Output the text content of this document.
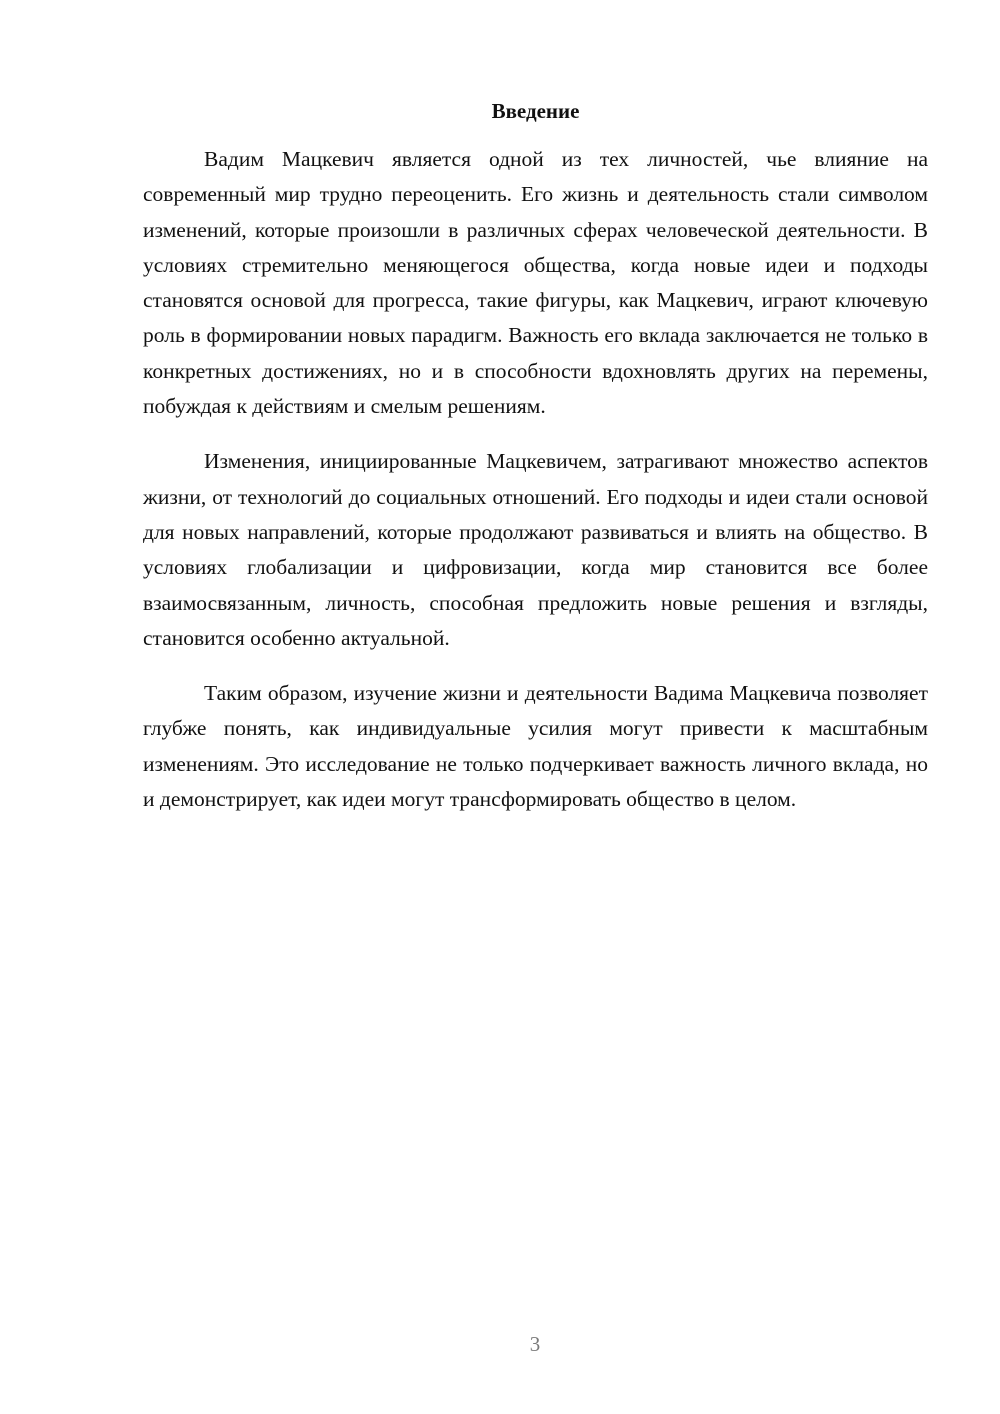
Введение

Вадим Мацкевич является одной из тех личностей, чье влияние на современный мир трудно переоценить. Его жизнь и деятельность стали символом изменений, которые произошли в различных сферах человеческой деятельности. В условиях стремительно меняющегося общества, когда новые идеи и подходы становятся основой для прогресса, такие фигуры, как Мацкевич, играют ключевую роль в формировании новых парадигм. Важность его вклада заключается не только в конкретных достижениях, но и в способности вдохновлять других на перемены, побуждая к действиям и смелым решениям.

Изменения, инициированные Мацкевичем, затрагивают множество аспектов жизни, от технологий до социальных отношений. Его подходы и идеи стали основой для новых направлений, которые продолжают развиваться и влиять на общество. В условиях глобализации и цифровизации, когда мир становится все более взаимосвязанным, личность, способная предложить новые решения и взгляды, становится особенно актуальной.

Таким образом, изучение жизни и деятельности Вадима Мацкевича позволяет глубже понять, как индивидуальные усилия могут привести к масштабным изменениям. Это исследование не только подчеркивает важность личного вклада, но и демонстрирует, как идеи могут трансформировать общество в целом.

3
